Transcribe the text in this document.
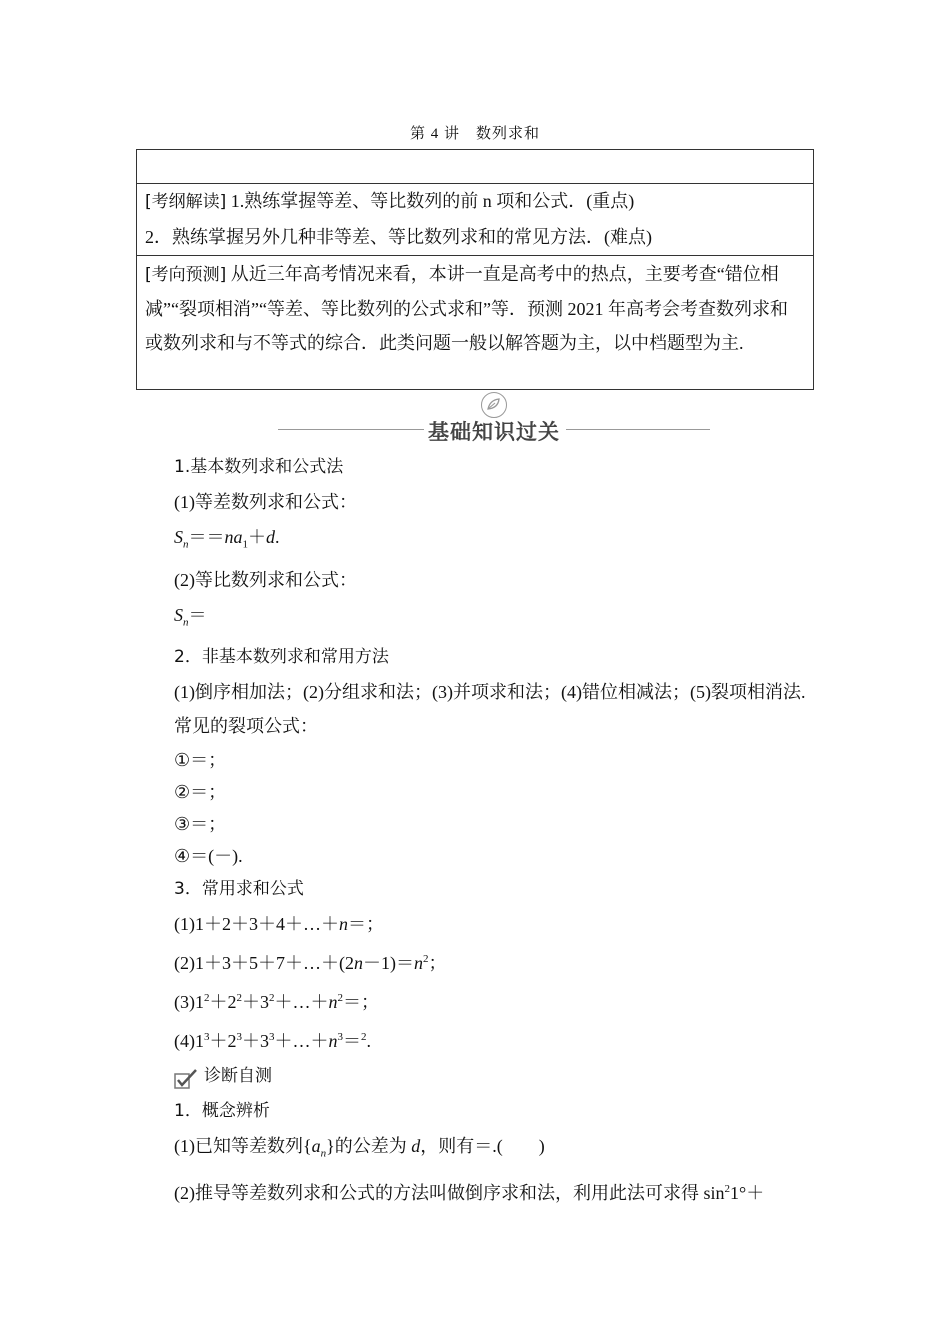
第 4 讲　数列求和
[考纲解读] 1.熟练掌握等差、等比数列的前 n 项和公式．(重点)
2．熟练掌握另外几种非等差、等比数列求和的常见方法．(难点)
[考向预测] 从近三年高考情况来看，本讲一直是高考中的热点，主要考查“错位相减”“裂项相消”“等差、等比数列的公式求和”等．预测 2021 年高考会考查数列求和或数列求和与不等式的综合．此类问题一般以解答题为主，以中档题型为主.
基础知识过关

1.基本数列求和公式法

(1)等差数列求和公式：

$S_n==na_1+d$.

(2)等比数列求和公式：

$S_n=$

2．非基本数列求和常用方法

(1)倒序相加法；(2)分组求和法；(3)并项求和法；(4)错位相减法；(5)裂项相消法.

常见的裂项公式：

①＝；

②＝；

③＝；

④＝(－).

3．常用求和公式

(1)1＋2＋3＋4＋…＋n＝；

$(2)1+3+5+7+\dots+(2n-1)=n^2$；

$(3)1^2+2^2+3^2+\dots+n^2=$；

$(4)1^3+2^3+3^3+\dots+n^3=^2$.

诊断自测

1．概念辨析

(1)已知等差数列$\{a_n\}$的公差为 d，则有＝.(　　)

(2)推导等差数列求和公式的方法叫做倒序求和法，利用此法可求得 $\sin^21^\circ+$
